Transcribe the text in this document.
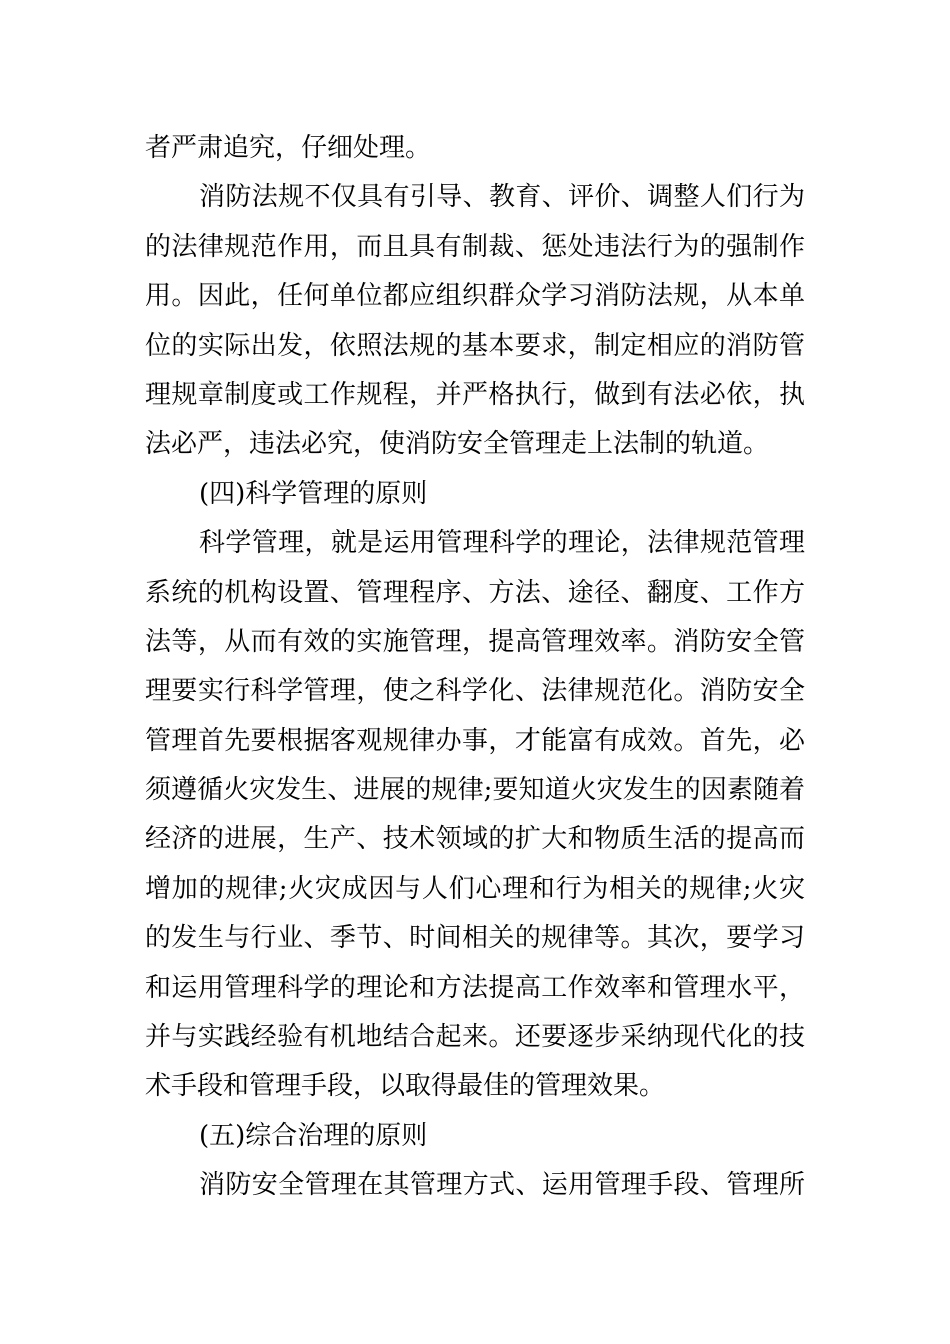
者严肃追究，仔细处理。
消防法规不仅具有引导、教育、评价、调整人们行为
的法律规范作用，而且具有制裁、惩处违法行为的强制作
用。因此，任何单位都应组织群众学习消防法规，从本单
位的实际出发，依照法规的基本要求，制定相应的消防管
理规章制度或工作规程，并严格执行，做到有法必依，执
法必严，违法必究，使消防安全管理走上法制的轨道。
(四)科学管理的原则
科学管理，就是运用管理科学的理论，法律规范管理
系统的机构设置、管理程序、方法、途径、翻度、工作方
法等，从而有效的实施管理，提高管理效率。消防安全管
理要实行科学管理，使之科学化、法律规范化。消防安全
管理首先要根据客观规律办事，才能富有成效。首先，必
须遵循火灾发生、进展的规律;要知道火灾发生的因素随着
经济的进展，生产、技术领域的扩大和物质生活的提高而
增加的规律;火灾成因与人们心理和行为相关的规律;火灾
的发生与行业、季节、时间相关的规律等。其次，要学习
和运用管理科学的理论和方法提高工作效率和管理水平，
并与实践经验有机地结合起来。还要逐步采纳现代化的技
术手段和管理手段，以取得最佳的管理效果。
(五)综合治理的原则
消防安全管理在其管理方式、运用管理手段、管理所
